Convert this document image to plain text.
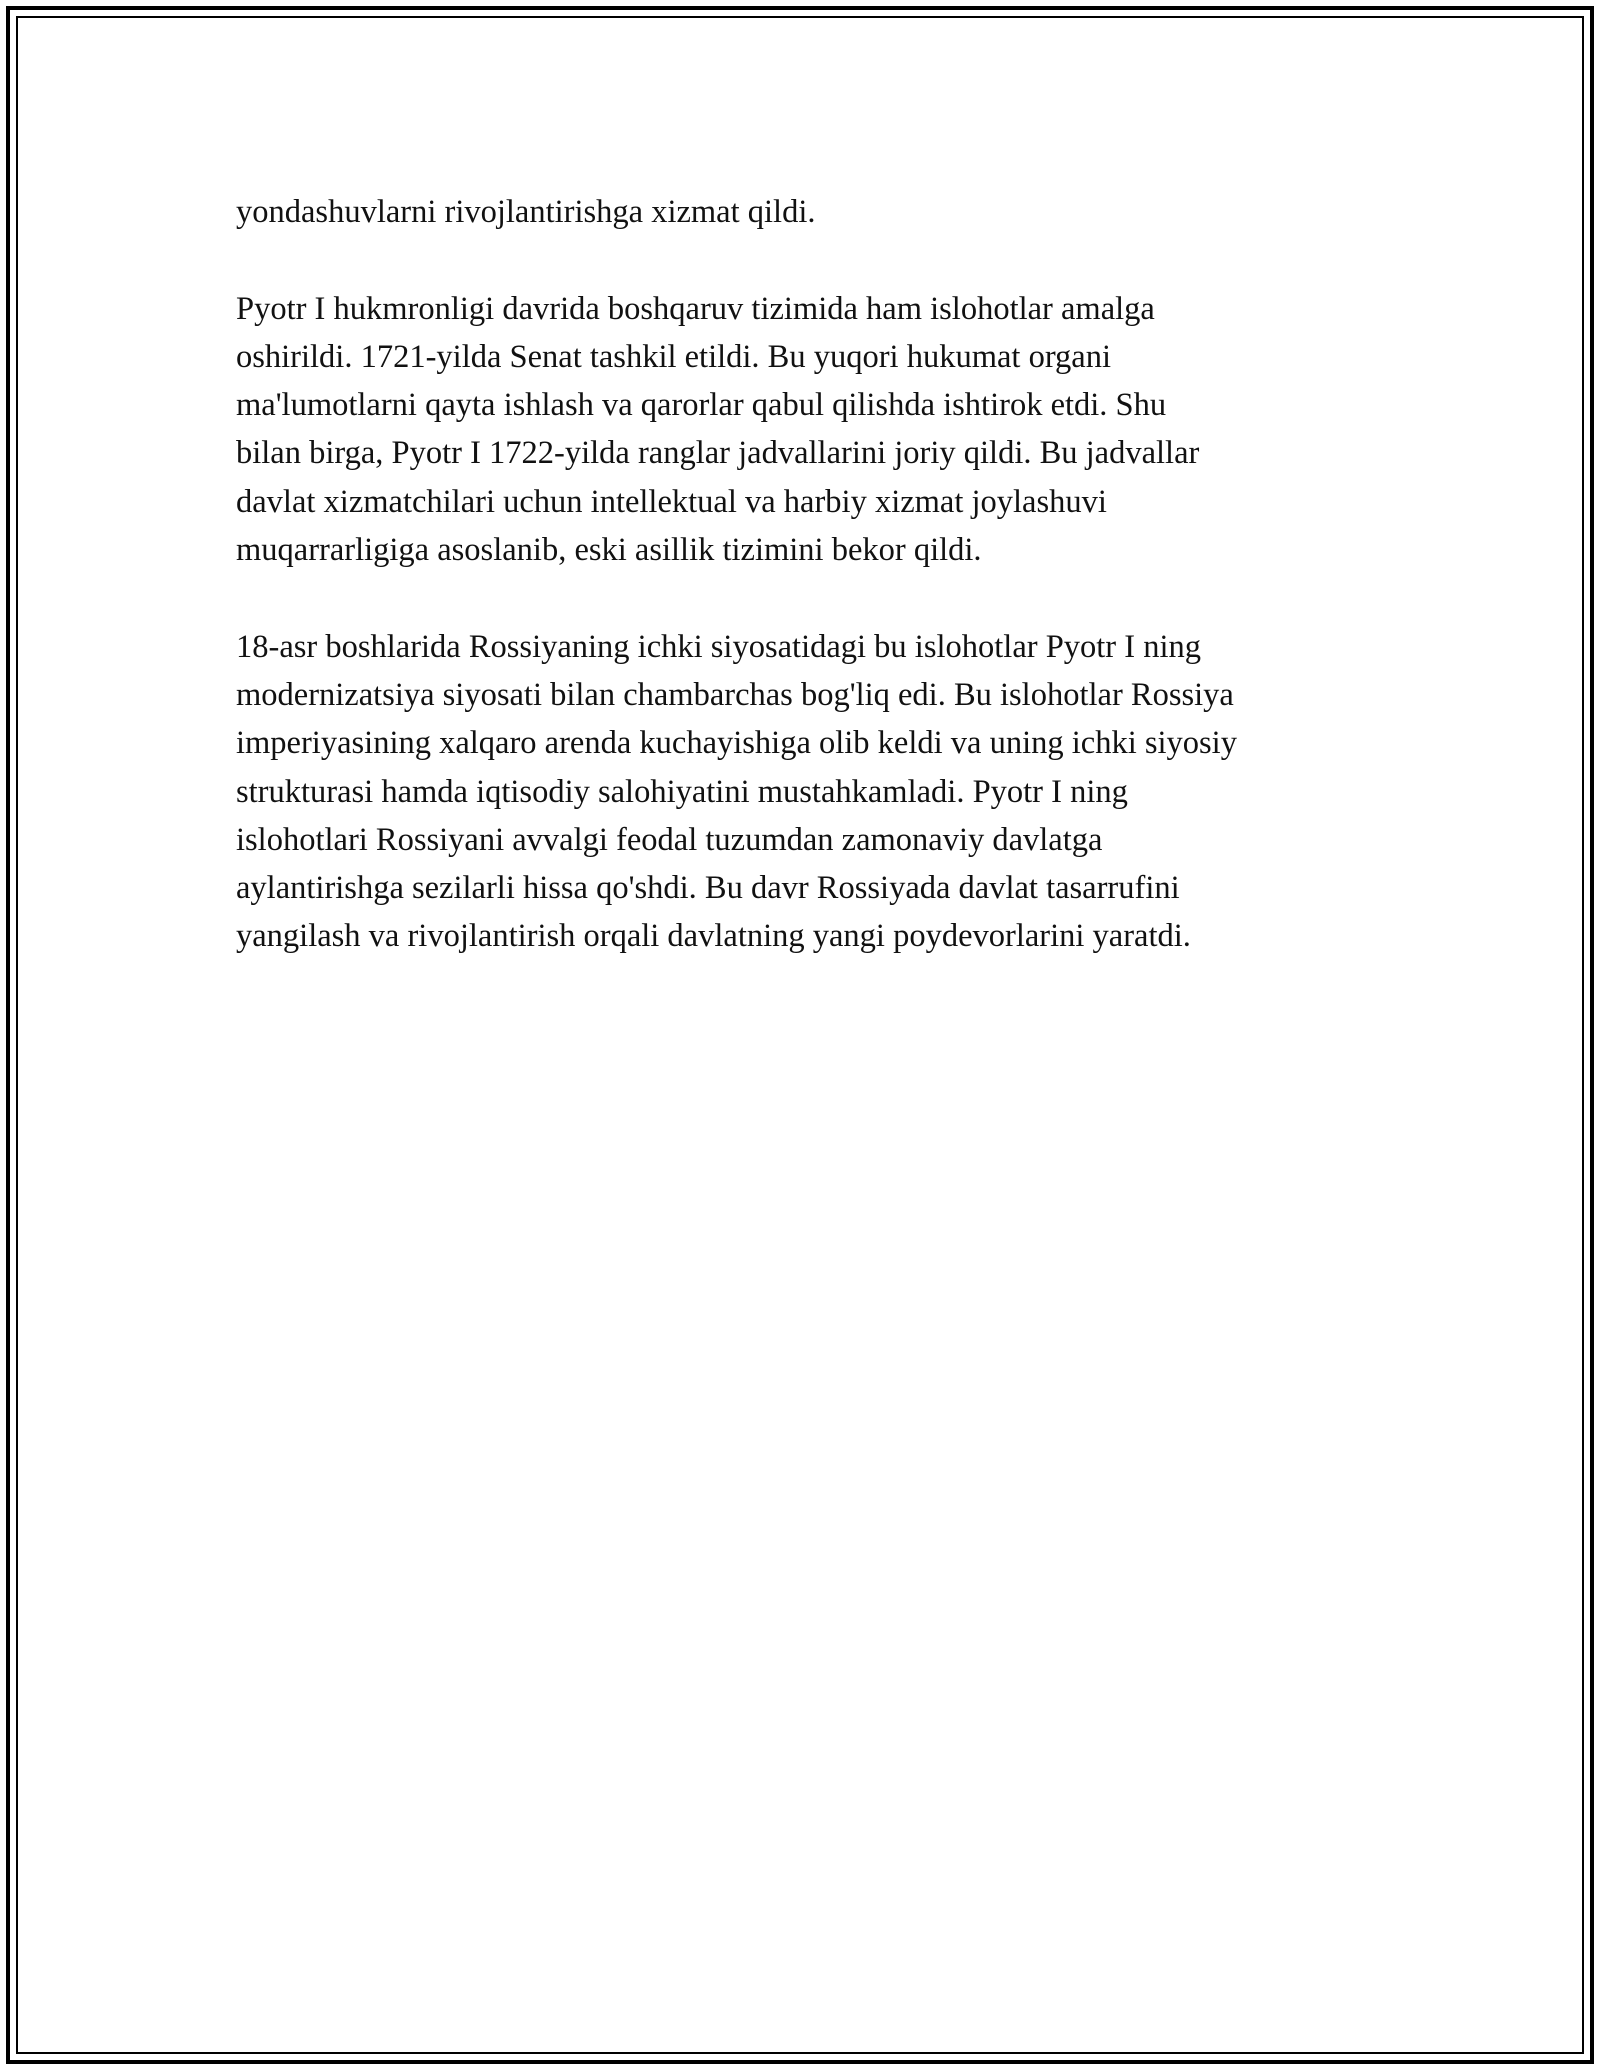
yondashuvlarni rivojlantirishga xizmat qildi.

Pyotr I hukmronligi davrida boshqaruv tizimida ham islohotlar amalga
oshirildi. 1721-yilda Senat tashkil etildi. Bu yuqori hukumat organi
ma'lumotlarni qayta ishlash va qarorlar qabul qilishda ishtirok etdi. Shu
bilan birga, Pyotr I 1722-yilda ranglar jadvallarini joriy qildi. Bu jadvallar
davlat xizmatchilari uchun intellektual va harbiy xizmat joylashuvi
muqarrarligiga asoslanib, eski asillik tizimini bekor qildi.

18-asr boshlarida Rossiyaning ichki siyosatidagi bu islohotlar Pyotr I ning
modernizatsiya siyosati bilan chambarchas bog'liq edi. Bu islohotlar Rossiya
imperiyasining xalqaro arenda kuchayishiga olib keldi va uning ichki siyosiy
strukturasi hamda iqtisodiy salohiyatini mustahkamladi. Pyotr I ning
islohotlari Rossiyani avvalgi feodal tuzumdan zamonaviy davlatga
aylantirishga sezilarli hissa qo'shdi. Bu davr Rossiyada davlat tasarrufini
yangilash va rivojlantirish orqali davlatning yangi poydevorlarini yaratdi.
